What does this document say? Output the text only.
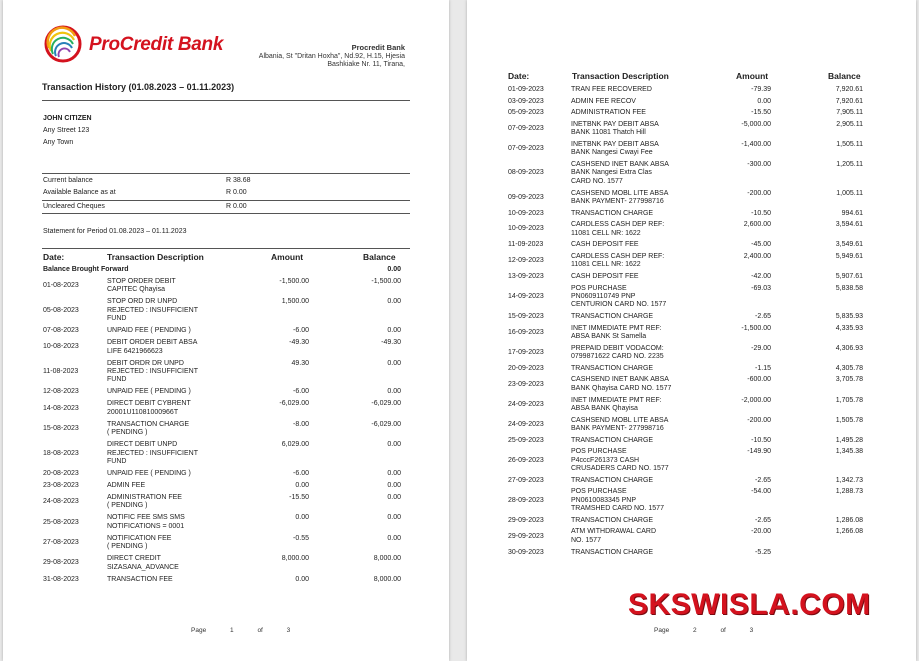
ProCredit Bank	Procredit Bank
Albania, St "Dritan Hoxha", Nd.92, H.15, Hjesia
Bashkiake Nr. 11, Tirana,
Transaction History (01.08.2023 – 01.11.2023)
JOHN CITIZEN
Any Street 123
Any Town
Current balance	R 38.68
Available Balance as at	R 0.00
Uncleared Cheques	R 0.00
Statement for Period 01.08.2023 – 01.11.2023
Date:	Transaction Description	Amount	Balance
Balance Brought Forward	0.00
01-08-2023
STOP ORDER DEBIT
CAPITEC Qhayisa
-1,500.00	-1,500.00
05-08-2023
STOP ORD DR UNPD
REJECTED : INSUFFICIENT
FUND
1,500.00	0.00
07-08-2023	UNPAID FEE ( PENDING )	-6.00	0.00
10-08-2023
DEBIT ORDER DEBIT ABSA
LIFE 6421966623
-49.30	-49.30
11-08-2023
DEBIT ORDR DR UNPD
REJECTED : INSUFFICIENT
FUND
49.30	0.00
12-08-2023	UNPAID FEE ( PENDING )	-6.00	0.00
14-08-2023
DIRECT DEBIT CYBRENT
20001U11081000966T
-6,029.00	-6,029.00
15-08-2023
TRANSACTION CHARGE
( PENDING )
-8.00	-6,029.00
18-08-2023
DIRECT DEBIT UNPD
REJECTED : INSUFFICIENT
FUND
6,029.00	0.00
20-08-2023	UNPAID FEE ( PENDING )	-6.00	0.00
23-08-2023	ADMIN FEE	0.00	0.00
24-08-2023
ADMINISTRATION FEE
( PENDING )
-15.50	0.00
25-08-2023
NOTIFIC FEE SMS SMS
NOTIFICATIONS = 0001
0.00	0.00
27-08-2023
NOTIFICATION FEE
( PENDING )
-0.55	0.00
29-08-2023
DIRECT CREDIT
SIZASANA_ADVANCE
8,000.00	8,000.00
31-08-2023	TRANSACTION FEE	0.00	8,000.00
Page	1	of	3
Date:	Transaction Description	Amount	Balance
01-09-2023	TRAN FEE RECOVERED	-79.39	7,920.61
03-09-2023	ADMIN FEE RECOV	0.00	7,920.61
05-09-2023	ADMINISTRATION FEE	-15.50	7,905.11
07-09-2023
INETBNK PAY DEBIT ABSA
BANK 11081 Thatch Hill
-5,000.00	2,905.11
07-09-2023
INETBNK PAY DEBIT ABSA
BANK Nangesi Cwayi Fee
-1,400.00	1,505.11
08-09-2023
CASHSEND INET BANK ABSA
BANK Nangesi Extra Clas
CARD NO. 1577
-300.00	1,205.11
09-09-2023
CASHSEND MOBL LITE ABSA
BANK PAYMENT- 277998716
-200.00	1,005.11
10-09-2023	TRANSACTION CHARGE	-10.50	994.61
10-09-2023
CARDLESS CASH DEP REF:
11081 CELL NR: 1622
2,600.00	3,594.61
11-09-2023	CASH DEPOSIT FEE	-45.00	3,549.61
12-09-2023
CARDLESS CASH DEP REF:
11081 CELL NR: 1622
2,400.00	5,949.61
13-09-2023	CASH DEPOSIT FEE	-42.00	5,907.61
14-09-2023
POS PURCHASE
PN0609110749 PNP
CENTURION CARD NO. 1577
-69.03	5,838.58
15-09-2023	TRANSACTION CHARGE	-2.65	5,835.93
16-09-2023
INET IMMEDIATE PMT REF:
ABSA BANK St Samella
-1,500.00	4,335.93
17-09-2023
PREPAID DEBIT VODACOM:
0799871622 CARD NO. 2235
-29.00	4,306.93
20-09-2023	TRANSACTION CHARGE	-1.15	4,305.78
23-09-2023
CASHSEND INET BANK ABSA
BANK Qhayisa CARD NO. 1577
-600.00	3,705.78
24-09-2023
INET IMMEDIATE PMT REF:
ABSA BANK Qhayisa
-2,000.00	1,705.78
24-09-2023
CASHSEND MOBL LITE ABSA
BANK PAYMENT- 277998716
-200.00	1,505.78
25-09-2023	TRANSACTION CHARGE	-10.50	1,495.28
26-09-2023
POS PURCHASE
P4cccF261373 CASH
CRUSADERS CARD NO. 1577
-149.90	1,345.38
27-09-2023	TRANSACTION CHARGE	-2.65	1,342.73
28-09-2023
POS PURCHASE
PN0610083345 PNP
TRAMSHED CARD NO. 1577
-54.00	1,288.73
29-09-2023	TRANSACTION CHARGE	-2.65	1,286.08
29-09-2023
ATM WITHDRAWAL CARD
NO. 1577
-20.00	1,266.08
30-09-2023	TRANSACTION CHARGE	-5.25
Page	2	of	3
SKSWISLA.COM
